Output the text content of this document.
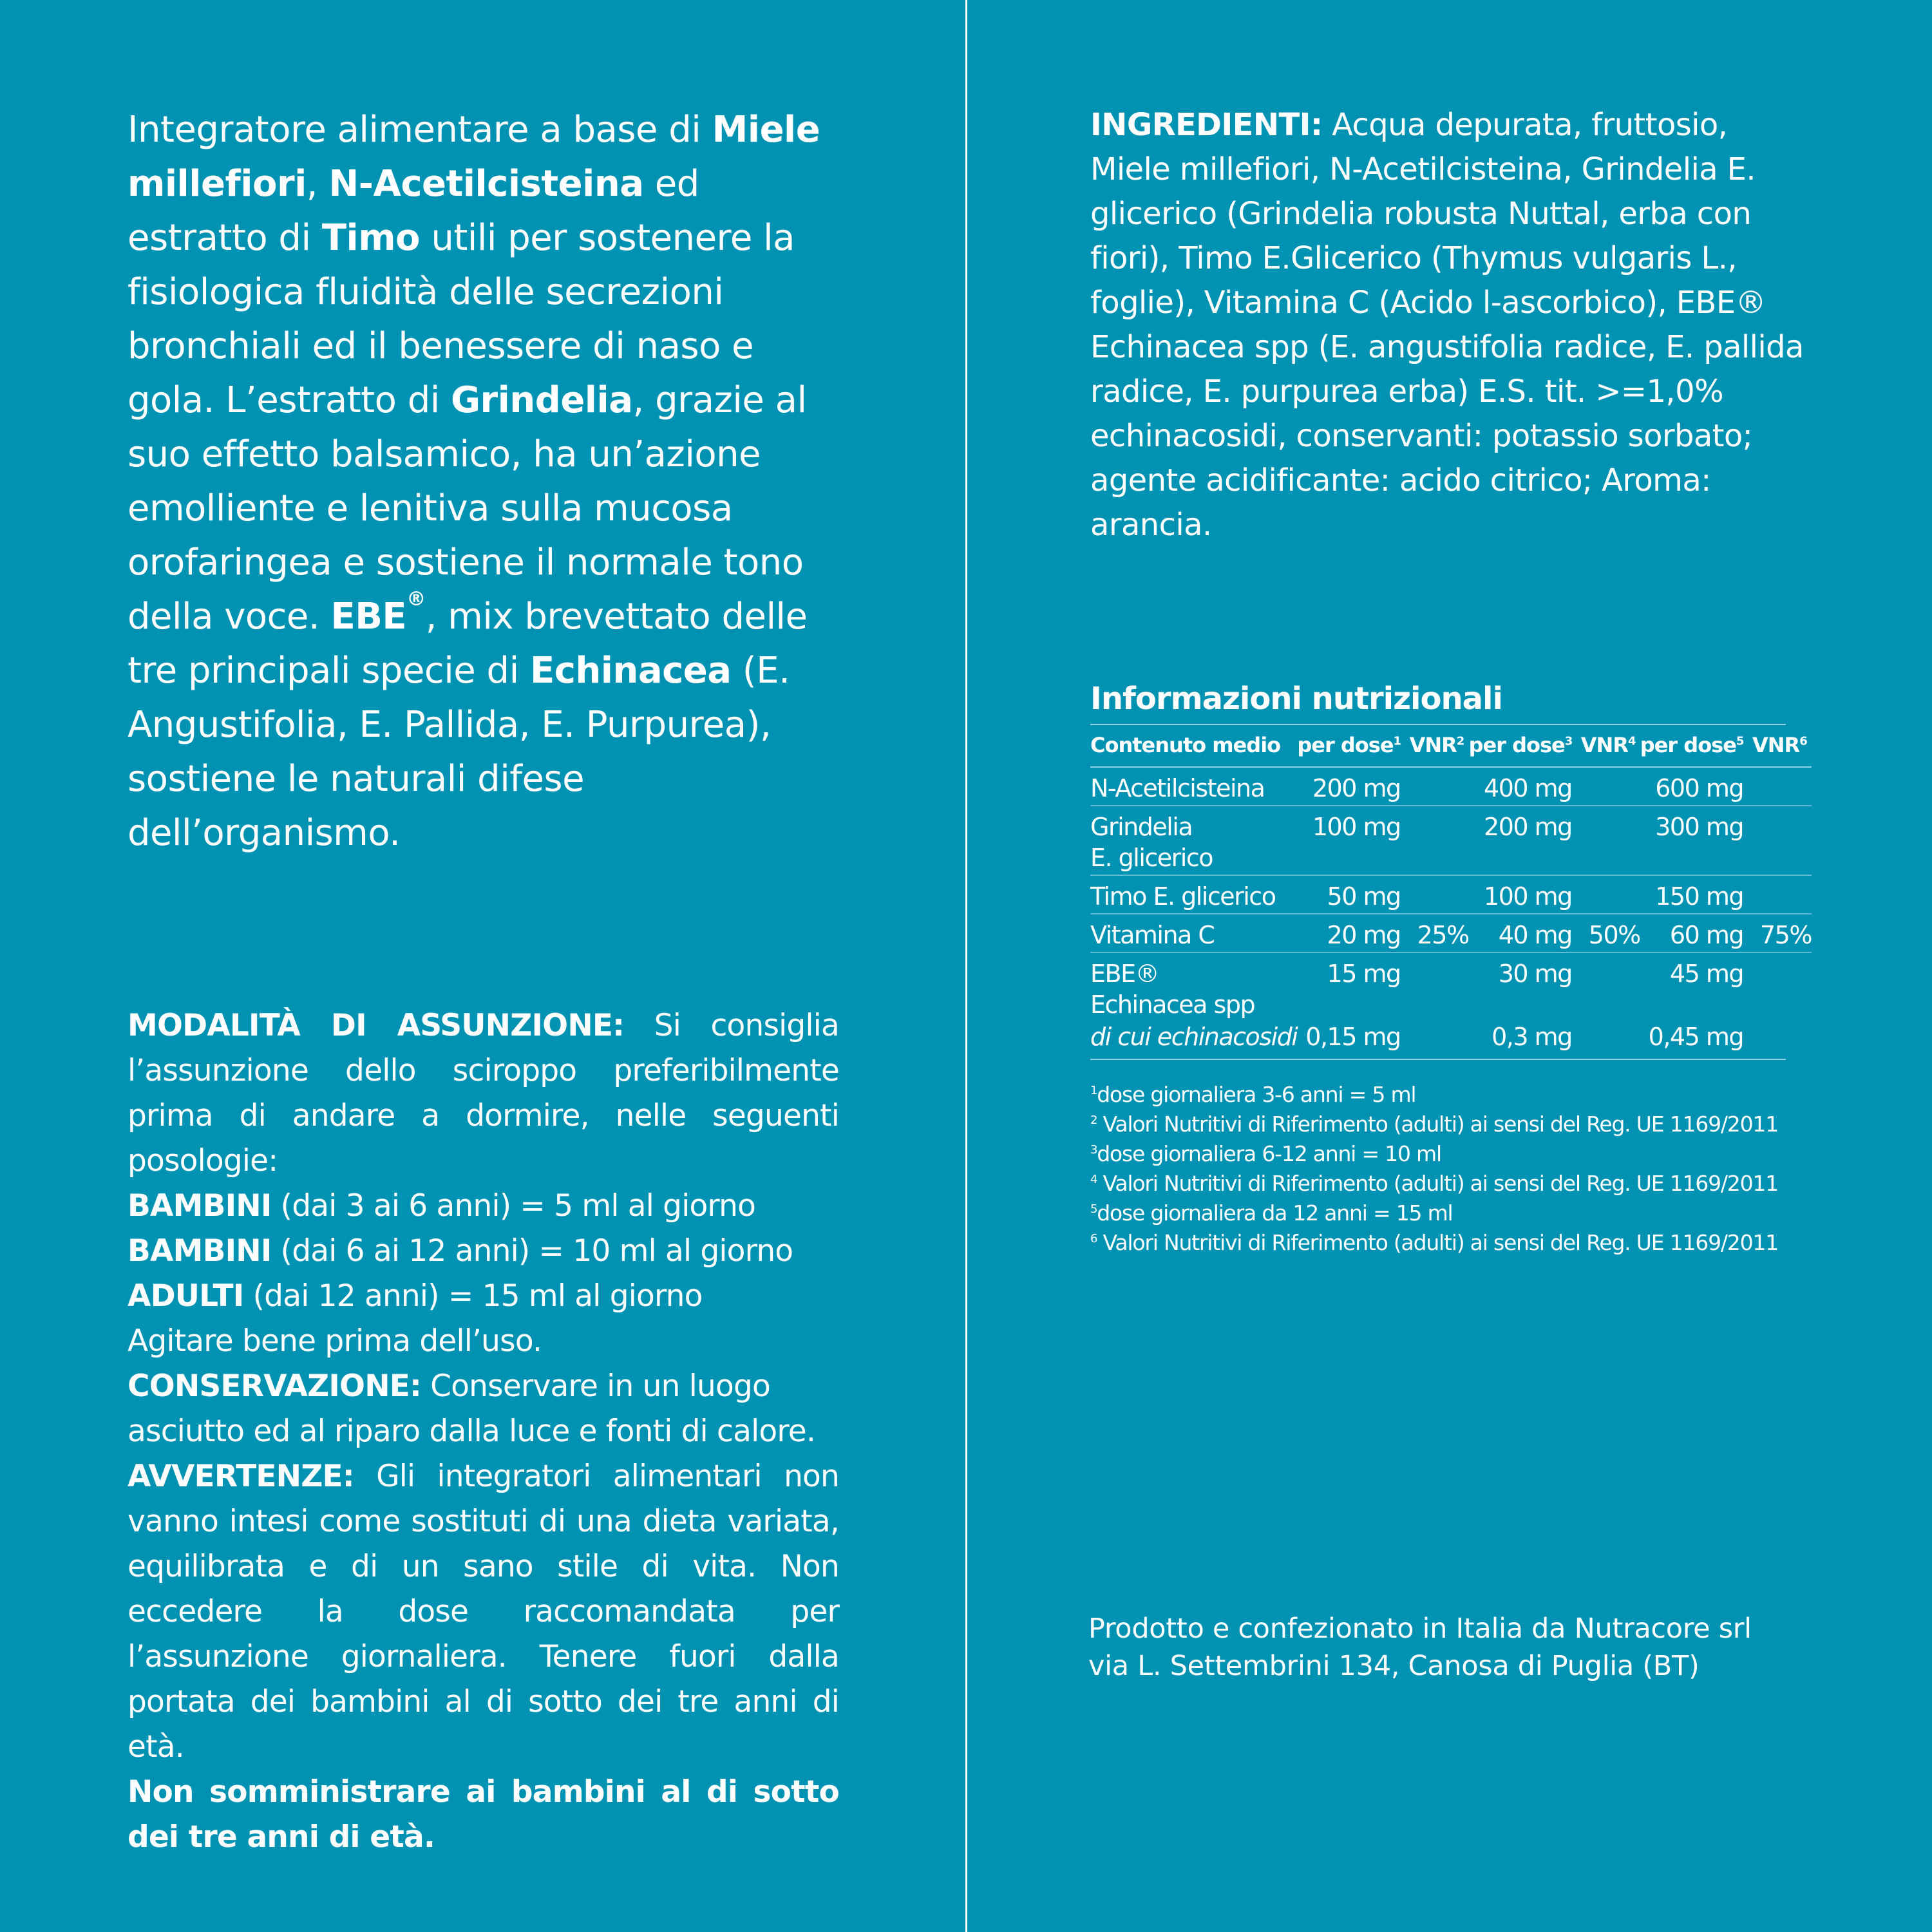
Integratore alimentare a base di Miele millefiori, N-Acetilcisteina ed estratto di Timo utili per sostenere la fisiologica fluidità delle secrezioni bronchiali ed il benessere di naso e gola. L’estratto di Grindelia, grazie al suo effetto balsamico, ha un’azione emolliente e lenitiva sulla mucosa orofaringea e sostiene il normale tono della voce. EBE®, mix brevettato delle tre principali specie di Echinacea (E. Angustifolia, E. Pallida, E. Purpurea), sostiene le naturali difese dell’organismo.

MODALITÀ DI ASSUNZIONE: Si consiglia l’assunzione dello sciroppo preferibilmente prima di andare a dormire, nelle seguenti posologie:

BAMBINI (dai 3 ai 6 anni) = 5 ml al giorno

BAMBINI (dai 6 ai 12 anni) = 10 ml al giorno

ADULTI (dai 12 anni) = 15 ml al giorno

Agitare bene prima dell’uso.

CONSERVAZIONE: Conservare in un luogo asciutto ed al riparo dalla luce e fonti di calore.

AVVERTENZE: Gli integratori alimentari non vanno intesi come sostituti di una dieta variata, equilibrata e di un sano stile di vita. Non eccedere la dose raccomandata per l’assunzione giornaliera. Tenere fuori dalla portata dei bambini al di sotto dei tre anni di età.
Non somministrare ai bambini al di sotto dei tre anni di età.

INGREDIENTI: Acqua depurata, fruttosio, Miele millefiori, N-Acetilcisteina, Grindelia E. glicerico (Grindelia robusta Nuttal, erba con fiori), Timo E.Glicerico (Thymus vulgaris L., foglie), Vitamina C (Acido l-ascorbico), EBE® Echinacea spp (E. angustifolia radice, E. pallida radice, E. purpurea erba) E.S. tit. >=1,0% echinacosidi, conservanti: potassio sorbato; agente acidificante: acido citrico; Aroma: arancia.

Informazioni nutrizionali
Contenuto medio	per dose$^1$	VNR$^2$	per dose$^3$	VNR$^4$	per dose$^5$	VNR$^6$
N-Acetilcisteina	200 mg		400 mg		600 mg	
Grindelia
E. glicerico	100 mg		200 mg		300 mg	
Timo E. glicerico	50 mg		100 mg		150 mg	
Vitamina C	20 mg	25%	40 mg	50%	60 mg	75%
EBE®
Echinacea spp	15 mg		30 mg		45 mg	
di cui echinacosidi	0,15 mg		0,3 mg		0,45 mg	
$^1$dose giornaliera 3-6 anni = 5 ml
$^2$ Valori Nutritivi di Riferimento (adulti) ai sensi del Reg. UE 1169/2011
$^3$dose giornaliera 6-12 anni = 10 ml
$^4$ Valori Nutritivi di Riferimento (adulti) ai sensi del Reg. UE 1169/2011
$^5$dose giornaliera da 12 anni = 15 ml
$^6$ Valori Nutritivi di Riferimento (adulti) ai sensi del Reg. UE 1169/2011
Prodotto e confezionato in Italia da Nutracore srl
via L. Settembrini 134, Canosa di Puglia (BT)
